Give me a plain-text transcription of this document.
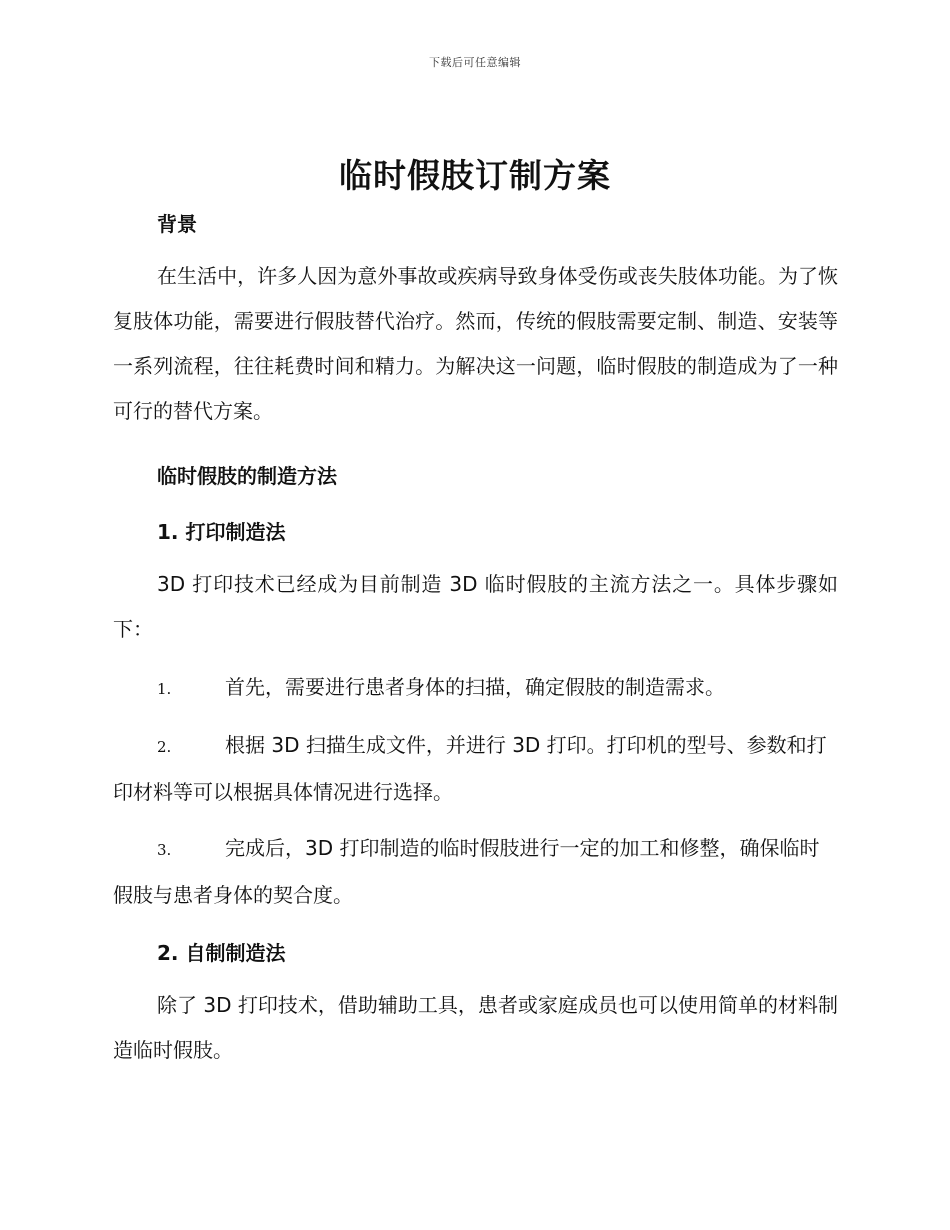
下载后可任意编辑
临时假肢订制方案
背景

在生活中，许多人因为意外事故或疾病导致身体受伤或丧失肢体功能。为了恢复肢体功能，需要进行假肢替代治疗。然而，传统的假肢需要定制、制造、安装等一系列流程，往往耗费时间和精力。为解决这一问题，临时假肢的制造成为了一种可行的替代方案。

临时假肢的制造方法
1. 打印制造法

3D 打印技术已经成为目前制造 3D 临时假肢的主流方法之一。具体步骤如下：

1.	首先，需要进行患者身体的扫描，确定假肢的制造需求。

2.	根据 3D 扫描生成文件，并进行 3D 打印。打印机的型号、参数和打印材料等可以根据具体情况进行选择。

3.	完成后，3D 打印制造的临时假肢进行一定的加工和修整，确保临时假肢与患者身体的契合度。

2. 自制制造法

除了 3D 打印技术，借助辅助工具，患者或家庭成员也可以使用简单的材料制造临时假肢。
